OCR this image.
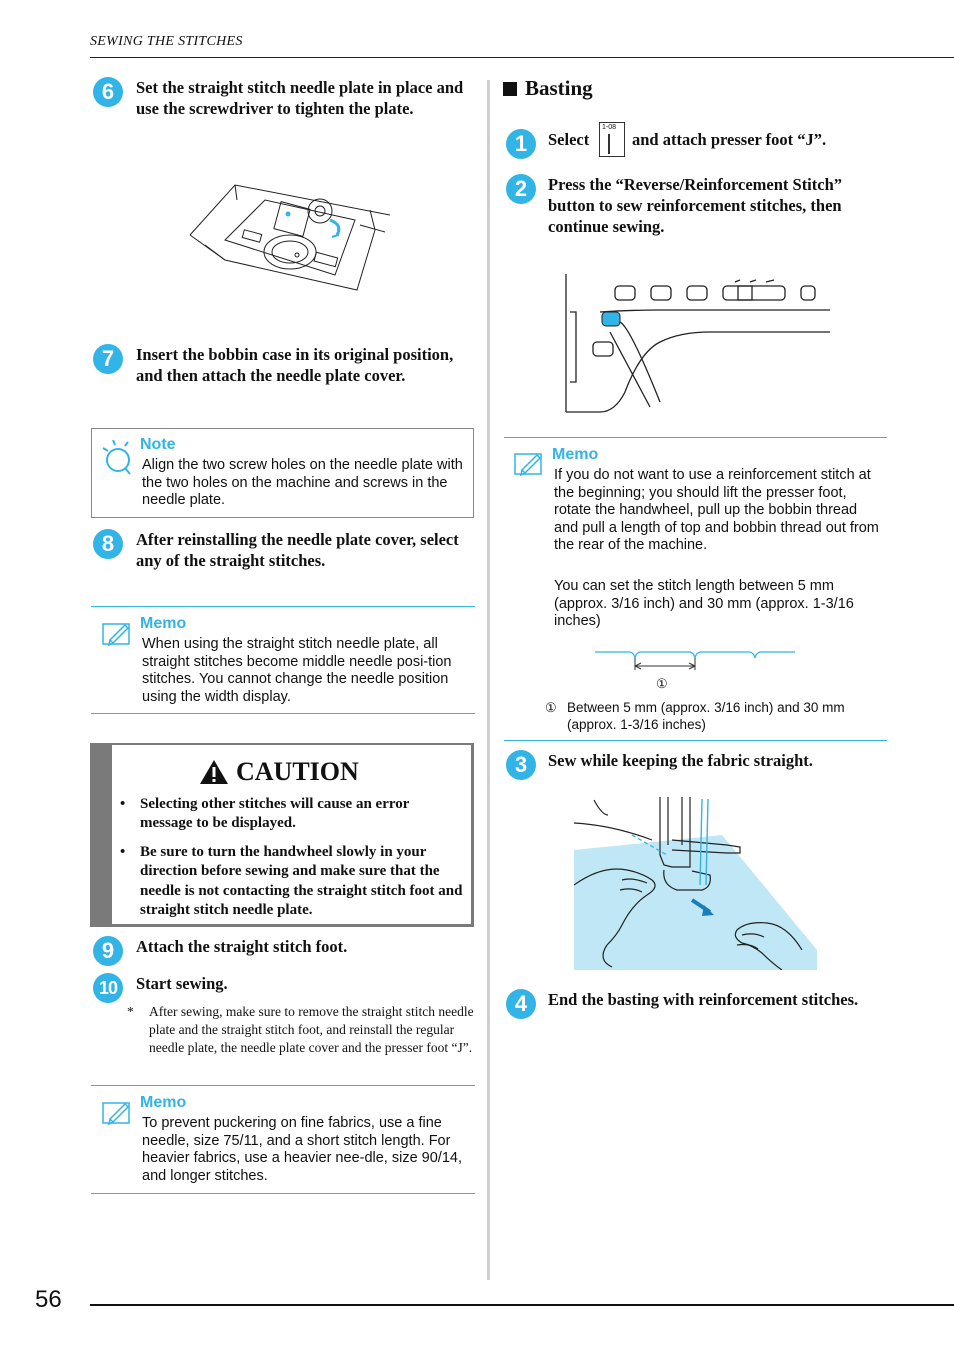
SEWING THE STITCHES
6	Set the straight stitch needle plate in place and use the screwdriver to tighten the plate.
7	Insert the bobbin case in its original position, and then attach the needle plate cover.
Note
Align the two screw holes on the needle plate with the two holes on the machine and screws in the needle plate.
8	After reinstalling the needle plate cover, select any of the straight stitches.
Memo
When using the straight stitch needle plate, all straight stitches become middle needle posi-tion stitches. You cannot change the needle position using the width display.
CAUTION
• Selecting other stitches will cause an error message to be displayed.
• Be sure to turn the handwheel slowly in your direction before sewing and make sure that the needle is not contacting the straight stitch foot and straight stitch needle plate.
9	Attach the straight stitch foot.
10	Start sewing.
* After sewing, make sure to remove the straight stitch needle plate and the straight stitch foot, and reinstall the regular needle plate, the needle plate cover and the presser foot “J”.
Memo
To prevent puckering on fine fabrics, use a fine needle, size 75/11, and a short stitch length. For heavier fabrics, use a heavier nee-dle, size 90/14, and longer stitches.
Basting
1	Select
1-08
and attach presser foot “J”.
2	Press the “Reverse/Reinforcement Stitch” button to sew reinforcement stitches, then continue sewing.
Memo
If you do not want to use a reinforcement stitch at the beginning; you should lift the presser foot, rotate the handwheel, pull up the bobbin thread and pull a length of top and bobbin thread out from the rear of the machine.
You can set the stitch length between 5 mm (approx. 3/16 inch) and 30 mm (approx. 1-3/16 inches)
①
① Between 5 mm (approx. 3/16 inch) and 30 mm (approx. 1-3/16 inches)
3	Sew while keeping the fabric straight.
4	End the basting with reinforcement stitches.
56
